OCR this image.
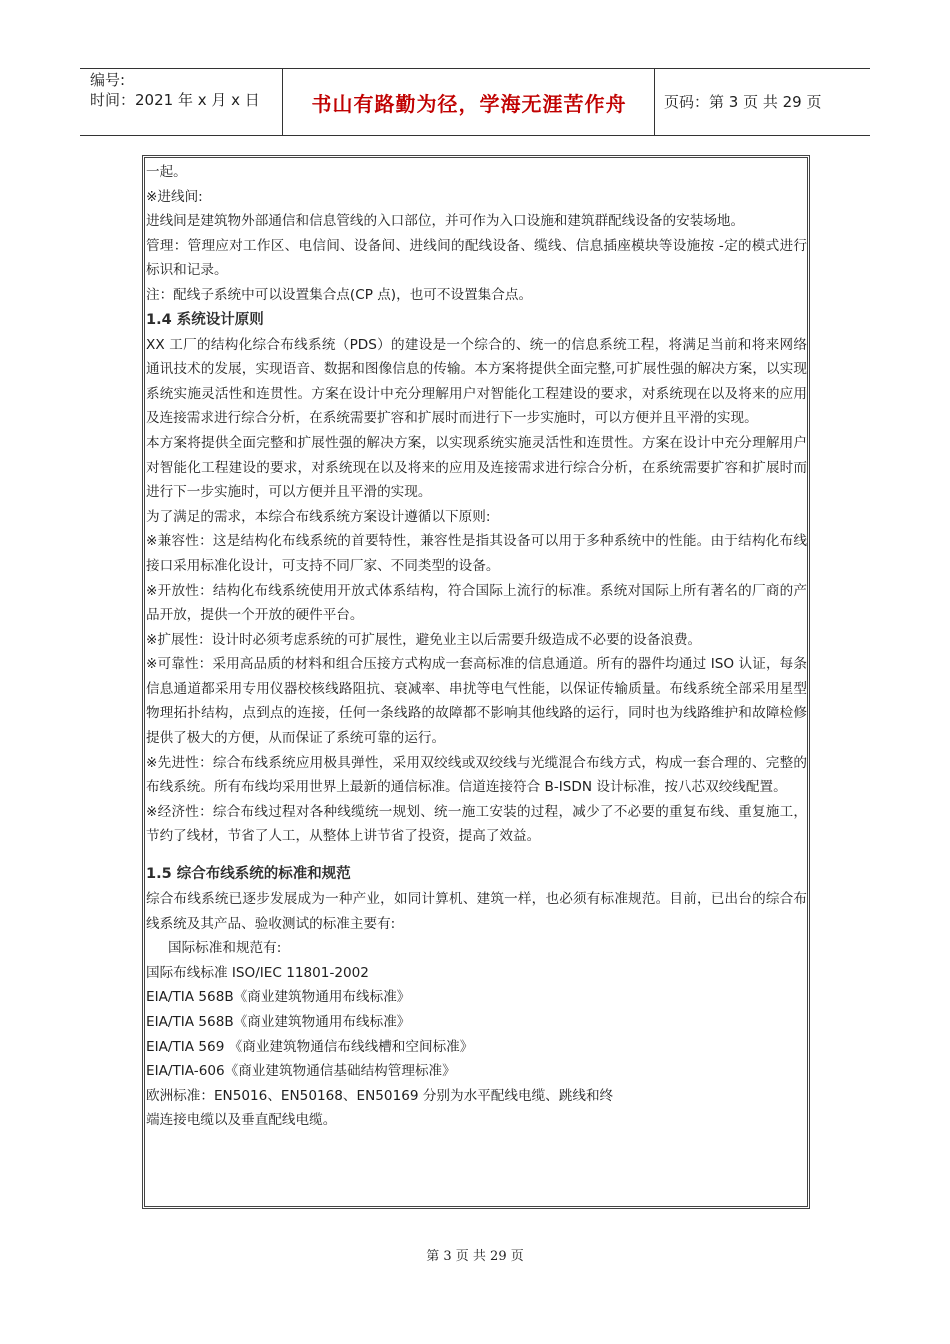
编号:
时间：2021 年 x 月 x 日	书山有路勤为径，学海无涯苦作舟	页码：第 3 页 共 29 页

一起。

※进线间:

进线间是建筑物外部通信和信息管线的入口部位，并可作为入口设施和建筑群配线设备的安装场地。

管理：管理应对工作区、电信间、设备间、进线间的配线设备、缆线、信息插座模块等设施按 -定的模式进行标识和记录。

注：配线子系统中可以设置集合点(CP 点)，也可不设置集合点。

1.4 系统设计原则

XX 工厂的结构化综合布线系统（PDS）的建设是一个综合的、统一的信息系统工程，将满足当前和将来网络通讯技术的发展，实现语音、数据和图像信息的传输。本方案将提供全面完整,可扩展性强的解决方案，以实现系统实施灵活性和连贯性。方案在设计中充分理解用户对智能化工程建设的要求，对系统现在以及将来的应用及连接需求进行综合分析，在系统需要扩容和扩展时而进行下一步实施时，可以方便并且平滑的实现。

本方案将提供全面完整和扩展性强的解决方案，以实现系统实施灵活性和连贯性。方案在设计中充分理解用户对智能化工程建设的要求，对系统现在以及将来的应用及连接需求进行综合分析，在系统需要扩容和扩展时而进行下一步实施时，可以方便并且平滑的实现。

为了满足的需求，本综合布线系统方案设计遵循以下原则:

※兼容性：这是结构化布线系统的首要特性，兼容性是指其设备可以用于多种系统中的性能。由于结构化布线接口采用标准化设计，可支持不同厂家、不同类型的设备。

※开放性：结构化布线系统使用开放式体系结构，符合国际上流行的标准。系统对国际上所有著名的厂商的产品开放，提供一个开放的硬件平台。

※扩展性：设计时必须考虑系统的可扩展性，避免业主以后需要升级造成不必要的设备浪费。

※可靠性：采用高品质的材料和组合压接方式构成一套高标准的信息通道。所有的器件均通过 ISO 认证，每条信息通道都采用专用仪器校核线路阻抗、衰减率、串扰等电气性能，以保证传输质量。布线系统全部采用星型物理拓扑结构，点到点的连接，任何一条线路的故障都不影响其他线路的运行，同时也为线路维护和故障检修提供了极大的方便，从而保证了系统可靠的运行。

※先进性：综合布线系统应用极具弹性，采用双绞线或双绞线与光缆混合布线方式，构成一套合理的、完整的布线系统。所有布线均采用世界上最新的通信标准。信道连接符合 B-ISDN 设计标准，按八芯双绞线配置。

※经济性：综合布线过程对各种线缆统一规划、统一施工安装的过程，减少了不必要的重复布线、重复施工，节约了线材，节省了人工，从整体上讲节省了投资，提高了效益。

1.5 综合布线系统的标准和规范

综合布线系统已逐步发展成为一种产业，如同计算机、建筑一样，也必须有标准规范。目前，已出台的综合布线系统及其产品、验收测试的标准主要有:

国际标准和规范有:

国际布线标准 ISO/IEC 11801-2002

EIA/TIA 568B《商业建筑物通用布线标准》

EIA/TIA 568B《商业建筑物通用布线标准》

EIA/TIA 569 《商业建筑物通信布线线槽和空间标准》

EIA/TIA-606《商业建筑物通信基础结构管理标准》

欧洲标准：EN5016、EN50168、EN50169 分别为水平配线电缆、跳线和终

端连接电缆以及垂直配线电缆。

第 3 页 共 29 页
